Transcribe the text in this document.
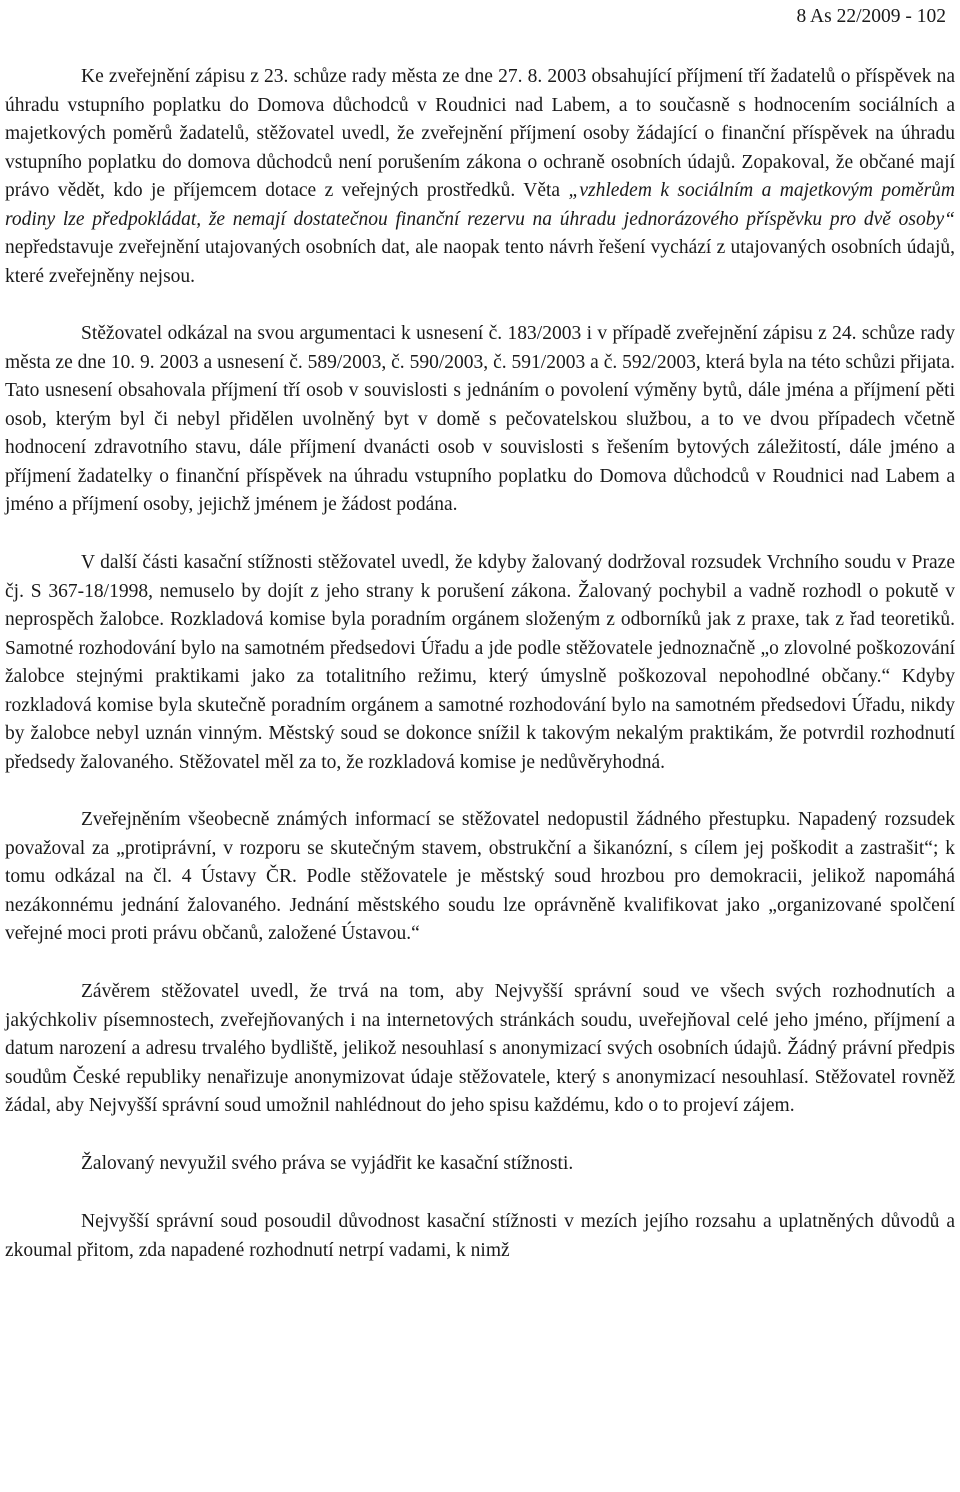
8 As 22/2009 - 102

Ke zveřejnění zápisu z 23. schůze rady města ze dne 27. 8. 2003 obsahující příjmení tří žadatelů o příspěvek na úhradu vstupního poplatku do Domova důchodců v Roudnici nad Labem, a to současně s hodnocením sociálních a majetkových poměrů žadatelů, stěžovatel uvedl, že zveřejnění příjmení osoby žádající o finanční příspěvek na úhradu vstupního poplatku do domova důchodců není porušením zákona o ochraně osobních údajů. Zopakoval, že občané mají právo vědět, kdo je příjemcem dotace z veřejných prostředků. Věta „vzhledem k sociálním a majetkovým poměrům rodiny lze předpokládat, že nemají dostatečnou finanční rezervu na úhradu jednorázového příspěvku pro dvě osoby“ nepředstavuje zveřejnění utajovaných osobních dat, ale naopak tento návrh řešení vychází z utajovaných osobních údajů, které zveřejněny nejsou.

Stěžovatel odkázal na svou argumentaci k usnesení č. 183/2003 i v případě zveřejnění zápisu z 24. schůze rady města ze dne 10. 9. 2003 a usnesení č. 589/2003, č. 590/2003, č. 591/2003 a č. 592/2003, která byla na této schůzi přijata. Tato usnesení obsahovala příjmení tří osob v souvislosti s jednáním o povolení výměny bytů, dále jména a příjmení pěti osob, kterým byl či nebyl přidělen uvolněný byt v domě s pečovatelskou službou, a to ve dvou případech včetně hodnocení zdravotního stavu, dále příjmení dvanácti osob v souvislosti s řešením bytových záležitostí, dále jméno a příjmení žadatelky o finanční příspěvek na úhradu vstupního poplatku do Domova důchodců v Roudnici nad Labem a jméno a příjmení osoby, jejichž jménem je žádost podána.

V další části kasační stížnosti stěžovatel uvedl, že kdyby žalovaný dodržoval rozsudek Vrchního soudu v Praze čj. S 367-18/1998, nemuselo by dojít z jeho strany k porušení zákona. Žalovaný pochybil a vadně rozhodl o pokutě v neprospěch žalobce. Rozkladová komise byla poradním orgánem složeným z odborníků jak z praxe, tak z řad teoretiků. Samotné rozhodování bylo na samotném předsedovi Úřadu a jde podle stěžovatele jednoznačně „o zlovolné poškozování žalobce stejnými praktikami jako za totalitního režimu, který úmyslně poškozoval nepohodlné občany.“ Kdyby rozkladová komise byla skutečně poradním orgánem a samotné rozhodování bylo na samotném předsedovi Úřadu, nikdy by žalobce nebyl uznán vinným. Městský soud se dokonce snížil k takovým nekalým praktikám, že potvrdil rozhodnutí předsedy žalovaného. Stěžovatel měl za to, že rozkladová komise je nedůvěryhodná.

Zveřejněním všeobecně známých informací se stěžovatel nedopustil žádného přestupku. Napadený rozsudek považoval za „protiprávní, v rozporu se skutečným stavem, obstrukční a šikanózní, s cílem jej poškodit a zastrašit“; k tomu odkázal na čl. 4 Ústavy ČR. Podle stěžovatele je městský soud hrozbou pro demokracii, jelikož napomáhá nezákonnému jednání žalovaného. Jednání městského soudu lze oprávněně kvalifikovat jako „organizované spolčení veřejné moci proti právu občanů, založené Ústavou.“

Závěrem stěžovatel uvedl, že trvá na tom, aby Nejvyšší správní soud ve všech svých rozhodnutích a jakýchkoliv písemnostech, zveřejňovaných i na internetových stránkách soudu, uveřejňoval celé jeho jméno, příjmení a datum narození a adresu trvalého bydliště, jelikož nesouhlasí s anonymizací svých osobních údajů. Žádný právní předpis soudům České republiky nenařizuje anonymizovat údaje stěžovatele, který s anonymizací nesouhlasí. Stěžovatel rovněž žádal, aby Nejvyšší správní soud umožnil nahlédnout do jeho spisu každému, kdo o to projeví zájem.

Žalovaný nevyužil svého práva se vyjádřit ke kasační stížnosti.

Nejvyšší správní soud posoudil důvodnost kasační stížnosti v mezích jejího rozsahu a uplatněných důvodů a zkoumal přitom, zda napadené rozhodnutí netrpí vadami, k nimž
